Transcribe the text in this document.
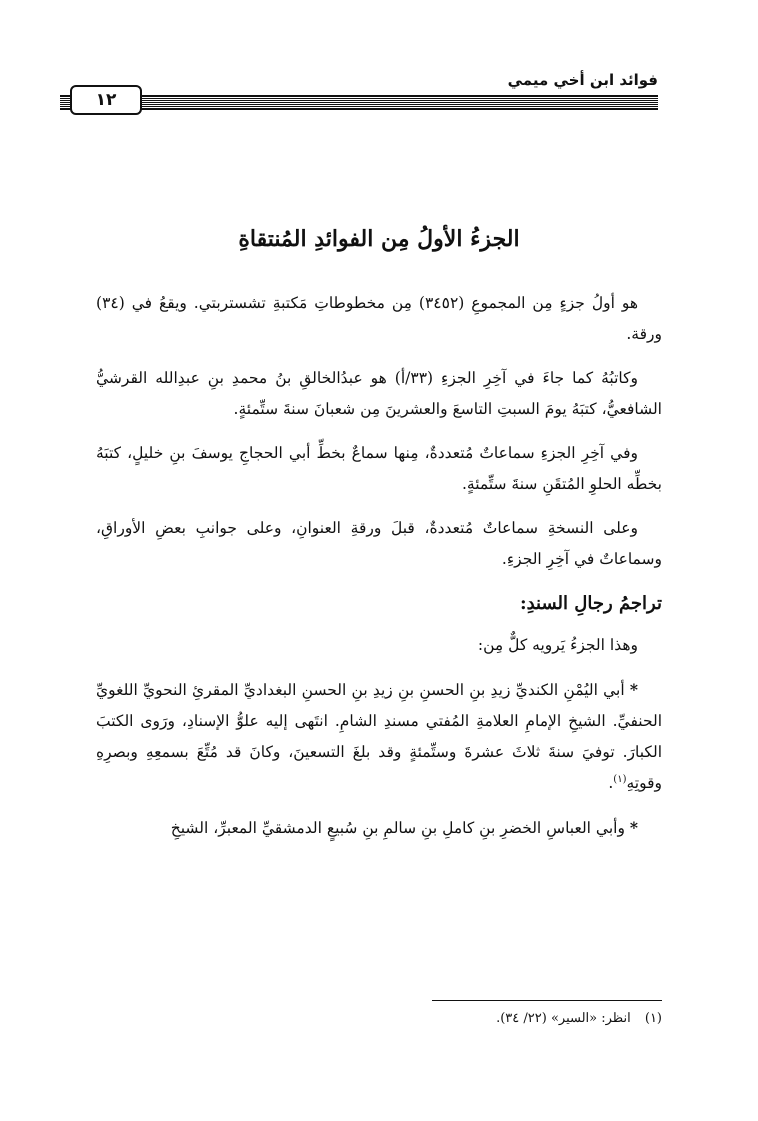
فوائد ابن أخي ميمي
١٢
الجزءُ الأولُ مِن الفوائدِ المُنتقاةِ

هو أولُ جزءٍ مِن المجموعِ (٣٤٥٢) مِن مخطوطاتِ مَكتبةِ تشستربتي. ويقعُ في (٣٤) ورقة.

وكاتبُهُ كما جاءَ في آخِرِ الجزءِ (٣٣/أ) هو عبدُالخالقِ بنُ محمدِ بنِ عبدِالله القرشيُّ الشافعيُّ، كتبَهُ يومَ السبتِ التاسعَ والعشرينَ مِن شعبانَ سنةَ ستِّمئةٍ.

وفي آخِرِ الجزءِ سماعاتٌ مُتعددةٌ، مِنها سماعٌ بخطِّ أبي الحجاجِ يوسفَ بنِ خليلٍ، كتبَهُ بخطِّه الحلوِ المُتقَنِ سنةَ ستِّمئةٍ.

وعلى النسخةِ سماعاتٌ مُتعددةٌ، قبلَ ورقةِ العنوانِ، وعلى جوانبِ بعضِ الأوراقِ، وسماعاتٌ في آخِرِ الجزءِ.

تراجمُ رجالِ السندِ:

وهذا الجزءُ يَرويه كلٌّ مِن:

* أبي اليُمْنِ الكنديِّ زيدِ بنِ الحسنِ بنِ زيدِ بنِ الحسنِ البغداديِّ المقرئِ النحويِّ اللغويِّ الحنفيِّ. الشيخِ الإمامِ العلامةِ المُفتي مسندِ الشامِ. انتَهى إليه علوُّ الإسنادِ، ورَوى الكتبَ الكبارَ. توفيَ سنةَ ثلاثَ عشرةَ وستِّمئةٍ وقد بلغَ التسعينَ، وكانَ قد مُتِّعَ بسمعِهِ وبصرِهِ وقوتِهِ$^{(١)}$.

* وأبي العباسِ الخضرِ بنِ كاملِ بنِ سالمِ بنِ سُبيعٍ الدمشقيِّ المعبرِّ، الشيخِ

(١) انظر: «السير» (٢٢/ ٣٤).
